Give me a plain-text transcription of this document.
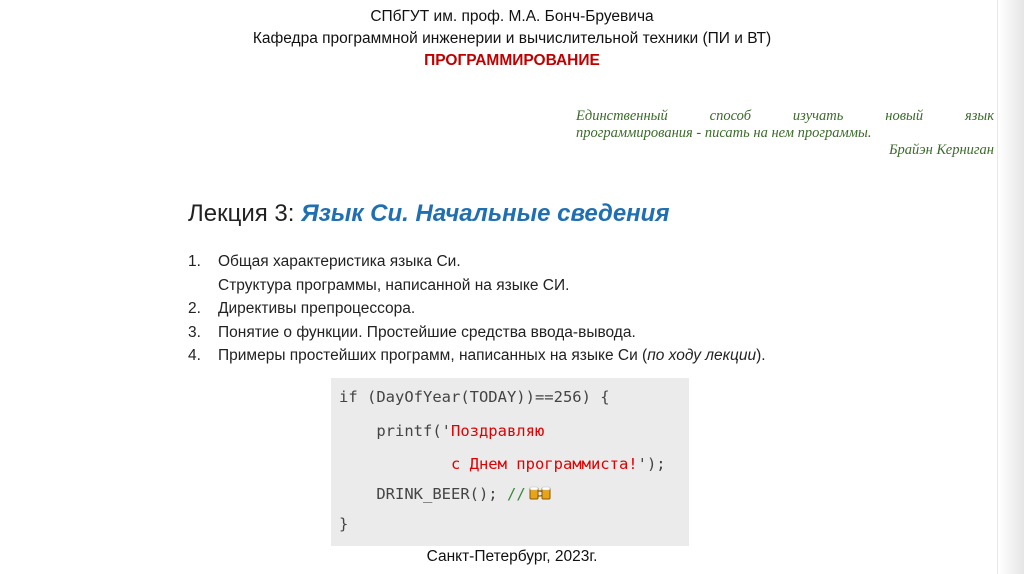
СПбГУТ им. проф. М.А. Бонч-Бруевича
Кафедра программной инженерии и вычислительной техники (ПИ и ВТ)
ПРОГРАММИРОВАНИЕ
Единственный способ изучать новый язык
программирования - писать на нем программы.
Брайэн Керниган
Лекция 3: Язык Си. Начальные сведения
1. Общая характеристика языка Си.
Структура программы, написанной на языке СИ.
2. Директивы препроцессора.
3. Понятие о функции. Простейшие средства ввода-вывода.
4. Примеры простейших программ, написанных на языке Си (по ходу лекции).
if (DayOfYear(TODAY))==256) {
printf('Поздравляю
с Днем программиста!');
DRINK_BEER(); //
}
Санкт-Петербург, 2023г.
